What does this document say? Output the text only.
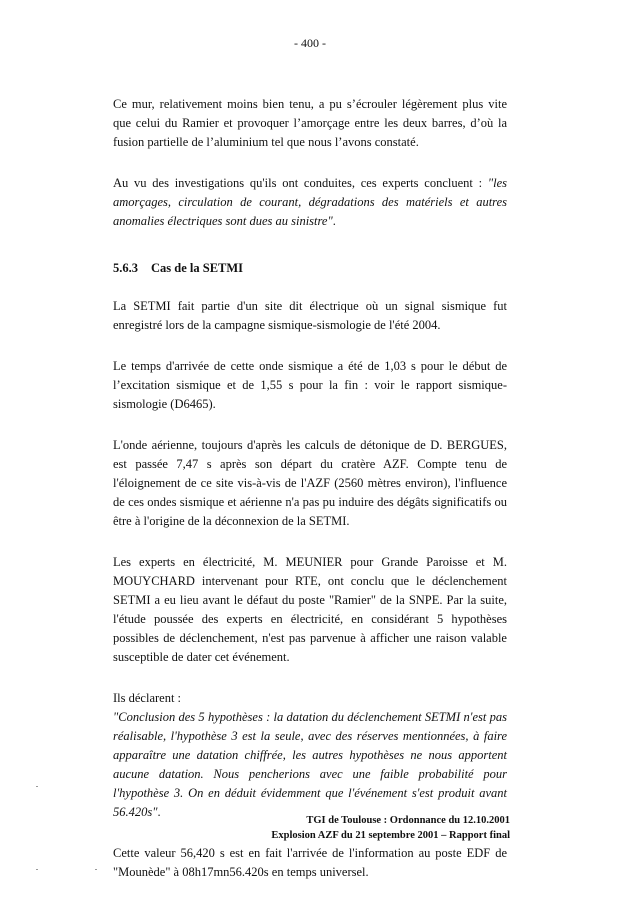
- 400 -

Ce mur, relativement moins bien tenu, a pu s’écrouler légèrement plus vite que celui du Ramier et provoquer l’amorçage entre les deux barres, d’où la fusion partielle de l’aluminium tel que nous l’avons constaté.

Au vu des investigations qu'ils ont conduites, ces experts concluent : "les amorçages, circulation de courant, dégradations des matériels et autres anomalies électriques sont dues au sinistre".

5.6.3 Cas de la SETMI

La SETMI fait partie d'un site dit électrique où un signal sismique fut enregistré lors de la campagne sismique-sismologie de l'été 2004.

Le temps d'arrivée de cette onde sismique a été de 1,03 s pour le début de l’excitation sismique et de 1,55 s pour la fin : voir le rapport sismique-sismologie (D6465).

L'onde aérienne, toujours d'après les calculs de détonique de D. BERGUES, est passée 7,47 s après son départ du cratère AZF. Compte tenu de l'éloignement de ce site vis-à-vis de l'AZF (2560 mètres environ), l'influence de ces ondes sismique et aérienne n'a pas pu induire des dégâts significatifs ou être à l'origine de la déconnexion de la SETMI.

Les experts en électricité, M. MEUNIER pour Grande Paroisse et M. MOUYCHARD intervenant pour RTE, ont conclu que le déclenchement SETMI a eu lieu avant le défaut du poste "Ramier" de la SNPE. Par la suite, l'étude poussée des experts en électricité, en considérant 5 hypothèses possibles de déclenchement, n'est pas parvenue à afficher une raison valable susceptible de dater cet événement.

Ils déclarent :
"Conclusion des 5 hypothèses : la datation du déclenchement SETMI n'est pas réalisable, l'hypothèse 3 est la seule, avec des réserves mentionnées, à faire apparaître une datation chiffrée, les autres hypothèses ne nous apportent aucune datation. Nous pencherions avec une faible probabilité pour l'hypothèse 3. On en déduit évidemment que l'événement s'est produit avant 56.420s".

Cette valeur 56,420 s est en fait l'arrivée de l'information au poste EDF de "Mounède" à 08h17mn56.420s en temps universel.

TGI de Toulouse : Ordonnance du 12.10.2001
Explosion AZF du 21 septembre 2001 – Rapport final
